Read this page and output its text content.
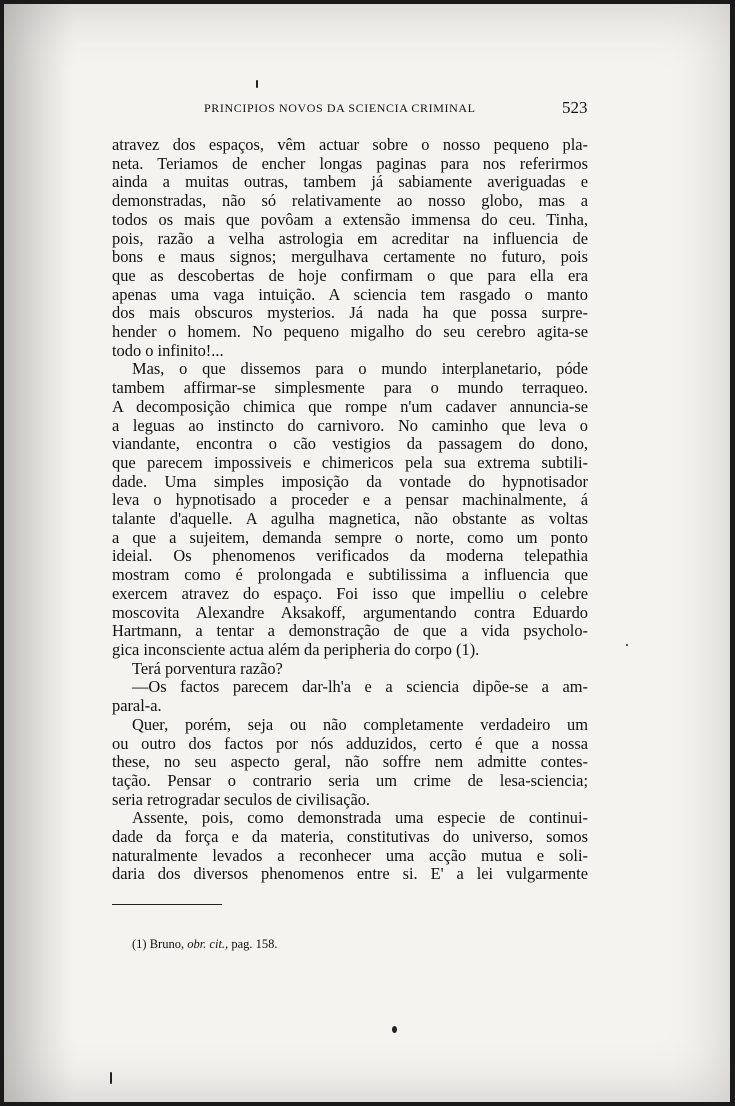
PRINCIPIOS NOVOS DA SCIENCIA CRIMINAL	523
atravez dos espaços, vêm actuar sobre o nosso pequeno pla-
neta. Teriamos de encher longas paginas para nos referirmos
ainda a muitas outras, tambem já sabiamente averiguadas e
demonstradas, não só relativamente ao nosso globo, mas a
todos os mais que povôam a extensão immensa do ceu. Tinha,
pois, razão a velha astrologia em acreditar na influencia de
bons e maus signos; mergulhava certamente no futuro, pois
que as descobertas de hoje confirmam o que para ella era
apenas uma vaga intuição. A sciencia tem rasgado o manto
dos mais obscuros mysterios. Já nada ha que possa surpre-
hender o homem. No pequeno migalho do seu cerebro agita-se
todo o infinito!...
Mas, o que dissemos para o mundo interplanetario, póde
tambem affirmar-se simplesmente para o mundo terraqueo.
A decomposição chimica que rompe n'um cadaver annuncia-se
a leguas ao instincto do carnivoro. No caminho que leva o
viandante, encontra o cão vestigios da passagem do dono,
que parecem impossiveis e chimericos pela sua extrema subtili-
dade. Uma simples imposição da vontade do hypnotisador
leva o hypnotisado a proceder e a pensar machinalmente, á
talante d'aquelle. A agulha magnetica, não obstante as voltas
a que a sujeitem, demanda sempre o norte, como um ponto
ideial. Os phenomenos verificados da moderna telepathia
mostram como é prolongada e subtilissima a influencia que
exercem atravez do espaço. Foi isso que impelliu o celebre
moscovita Alexandre Aksakoff, argumentando contra Eduardo
Hartmann, a tentar a demonstração de que a vida psycholo-
gica inconsciente actua além da peripheria do corpo (1).
Terá porventura razão?
—Os factos parecem dar-lh'a e a sciencia dipõe-se a am-
paral-a.
Quer, porém, seja ou não completamente verdadeiro um
ou outro dos factos por nós adduzidos, certo é que a nossa
these, no seu aspecto geral, não soffre nem admitte contes-
tação. Pensar o contrario seria um crime de lesa-sciencia;
seria retrogradar seculos de civilisação.
Assente, pois, como demonstrada uma especie de continui-
dade da força e da materia, constitutivas do universo, somos
naturalmente levados a reconhecer uma acção mutua e soli-
daria dos diversos phenomenos entre si. E' a lei vulgarmente
(1) Bruno, obr. cit., pag. 158.
